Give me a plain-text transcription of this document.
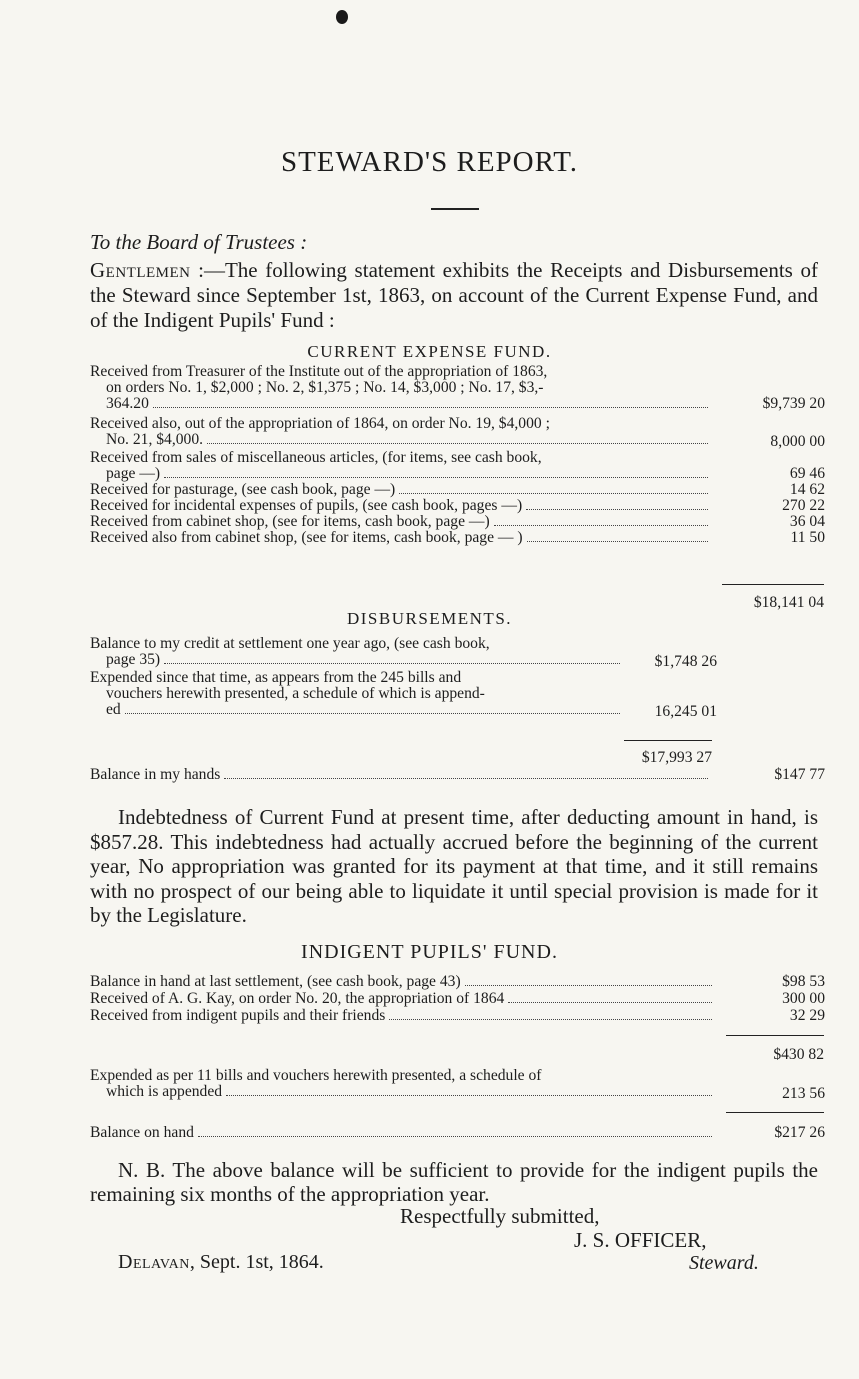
STEWARD'S REPORT.
To the Board of Trustees :
Gentlemen :—The following statement exhibits the Receipts and Disbursements of the Steward since September 1st, 1863, on account of the Current Expense Fund, and of the Indigent Pupils' Fund :
CURRENT EXPENSE FUND.
Received from Treasurer of the Institute out of the appropriation of 1863,
on orders No. 1, $2,000 ; No. 2, $1,375 ; No. 14, $3,000 ; No. 17, $3,-
364.20	$9,739 20
Received also, out of the appropriation of 1864, on order No. 19, $4,000 ;
No. 21, $4,000.	8,000 00
Received from sales of miscellaneous articles, (for items, see cash book,
page —)	69 46
Received for pasturage, (see cash book, page —)	14 62
Received for incidental expenses of pupils, (see cash book, pages —)	270 22
Received from cabinet shop, (see for items, cash book, page —)	36 04
Received also from cabinet shop, (see for items, cash book, page — )	11 50
$18,141 04
DISBURSEMENTS.
Balance to my credit at settlement one year ago, (see cash book,
page 35)	$1,748 26
Expended since that time, as appears from the 245 bills and
vouchers herewith presented, a schedule of which is append-
ed	16,245 01
$17,993 27
Balance in my hands	$147 77
Indebtedness of Current Fund at present time, after deducting amount in hand, is $857.28. This indebtedness had actually accrued before the beginning of the current year, No appropriation was granted for its payment at that time, and it still remains with no prospect of our being able to liquidate it until special provision is made for it by the Legislature.
INDIGENT PUPILS' FUND.
Balance in hand at last settlement, (see cash book, page 43)	$98 53
Received of A. G. Kay, on order No. 20, the appropriation of 1864	300 00
Received from indigent pupils and their friends	32 29
$430 82
Expended as per 11 bills and vouchers herewith presented, a schedule of
which is appended	213 56
Balance on hand	$217 26
N. B. The above balance will be sufficient to provide for the indigent pupils the remaining six months of the appropriation year.
Respectfully submitted,
J. S. OFFICER,
Delavan, Sept. 1st, 1864.	Steward.
